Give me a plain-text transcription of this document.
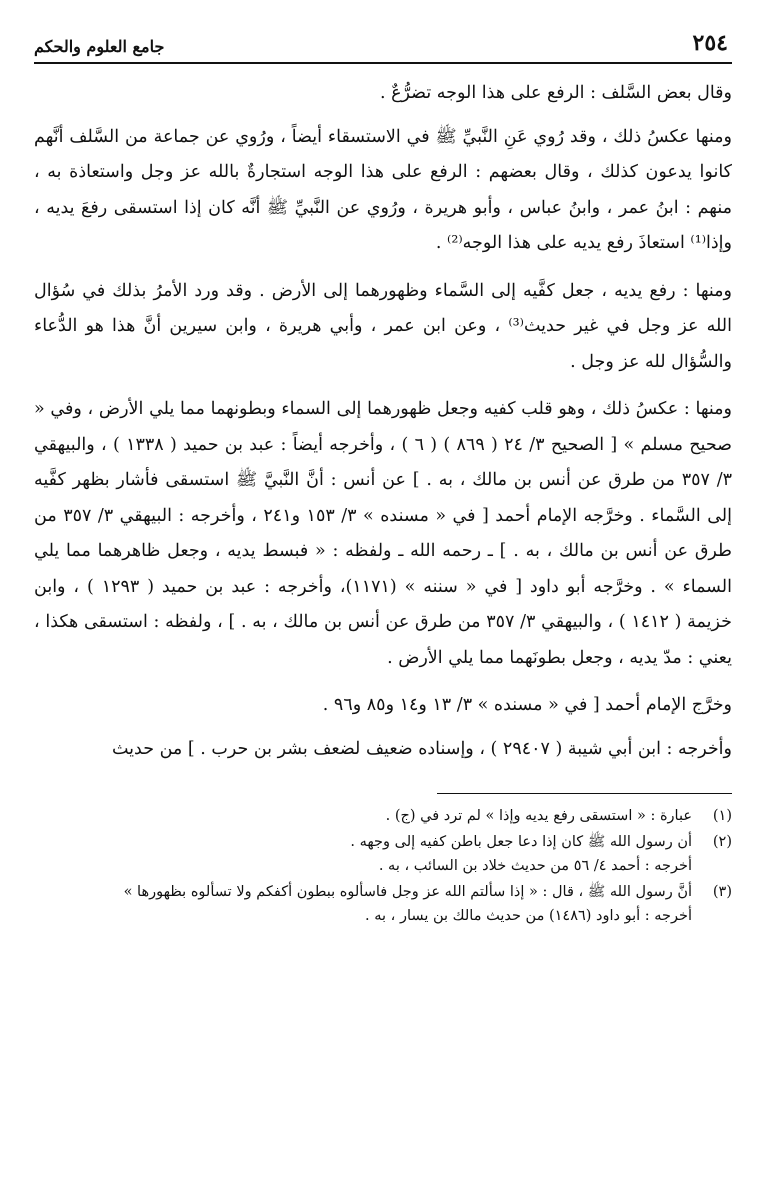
٢٥٤
جامع العلوم والحكم

وقال بعض السَّلف : الرفع على هذا الوجه تضرُّعٌ .

ومنها عكسُ ذلك ، وقد رُوي عَنِ النَّبيِّ ﷺ في الاستسقاء أيضاً ، ورُوي عن جماعة من السَّلف أنَّهم كانوا يدعون كذلك ، وقال بعضهم : الرفع على هذا الوجه استجارةٌ بالله عز وجل واستعاذة به ، منهم : ابنُ عمر ، وابنُ عباس ، وأبو هريرة ، ورُوي عن النَّبيِّ ﷺ أنَّه كان إذا استسقى رفعَ يديه ، وإذا⁽¹⁾ استعاذَ رفع يديه على هذا الوجه⁽²⁾ .

ومنها : رفع يديه ، جعل كفَّيه إلى السَّماء وظهورهما إلى الأرض . وقد ورد الأمرُ بذلك في سُؤال الله عز وجل في غير حديث⁽³⁾ ، وعن ابن عمر ، وأبي هريرة ، وابن سيرين أنَّ هذا هو الدُّعاء والسُّؤال لله عز وجل .

ومنها : عكسُ ذلك ، وهو قلب كفيه وجعل ظهورهما إلى السماء وبطونهما مما يلي الأرض ، وفي « صحيح مسلم » [ الصحيح ٣/ ٢٤ ( ٨٦٩ ) ( ٦ ) ، وأخرجه أيضاً : عبد بن حميد ( ١٣٣٨ ) ، والبيهقي ٣/ ٣٥٧ من طرق عن أنس بن مالك ، به . ] عن أنس : أنَّ النَّبيَّ ﷺ استسقى فأشار بظهر كفَّيه إلى السَّماء . وخرَّجه الإمام أحمد [ في « مسنده » ٣/ ١٥٣ و٢٤١ ، وأخرجه : البيهقي ٣/ ٣٥٧ من طرق عن أنس بن مالك ، به . ] ـ رحمه الله ـ ولفظه : « فبسط يديه ، وجعل ظاهرهما مما يلي السماء » . وخرَّجه أبو داود [ في « سننه » (١١٧١)، وأخرجه : عبد بن حميد ( ١٢٩٣ ) ، وابن خزيمة ( ١٤١٢ ) ، والبيهقي ٣/ ٣٥٧ من طرق عن أنس بن مالك ، به . ] ، ولفظه : استسقى هكذا ، يعني : مدّ يديه ، وجعل بطونَهما مما يلي الأرض .

وخرَّج الإمام أحمد [ في « مسنده » ٣/ ١٣ و١٤ و٨٥ و٩٦ .

وأخرجه : ابن أبي شيبة ( ٢٩٤٠٧ ) ، وإسناده ضعيف لضعف بشر بن حرب . ] من حديث

(١)
عبارة : « استسقى رفع يديه وإذا » لم ترد في (ج) .
(٢)
أن رسول الله ﷺ كان إذا دعا جعل باطن كفيه إلى وجهه .
أخرجه : أحمد ٤/ ٥٦ من حديث خلاد بن السائب ، به .
(٣)
أنَّ رسول الله ﷺ ، قال : « إذا سألتم الله عز وجل فاسألوه ببطون أكفكم ولا تسألوه بظهورها »
أخرجه : أبو داود (١٤٨٦) من حديث مالك بن يسار ، به .
